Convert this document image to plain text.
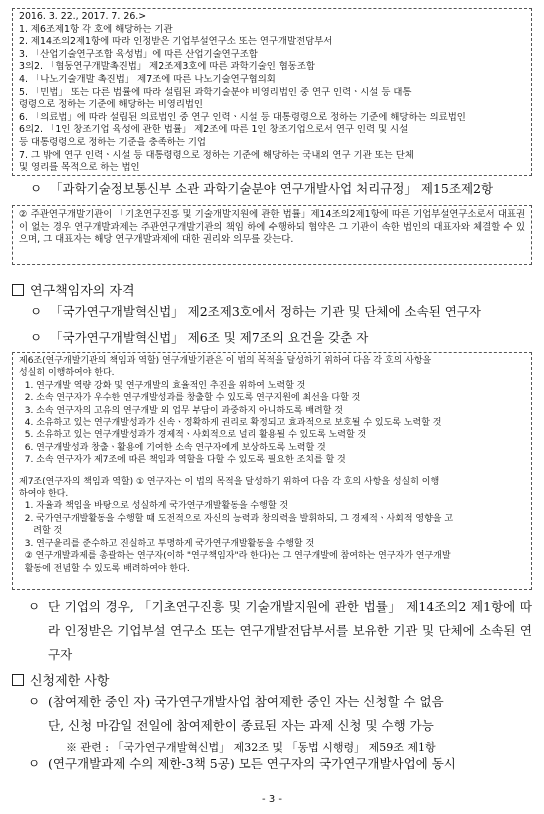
2016. 3. 22., 2017. 7. 26.>
1. 제6조제1항 각 호에 해당하는 기관
2. 제14조의2제1항에 따라 인정받은 기업부설연구소 또는 연구개발전담부서
3. 「산업기술연구조합 육성법」에 따른 산업기술연구조합
3의2. 「협동연구개발촉진법」 제2조제3호에 따른 과학기술인 협동조합
4. 「나노기술개발 촉진법」 제7조에 따른 나노기술연구협의회
5. 「민법」 또는 다른 법률에 따라 설립된 과학기술분야 비영리법인 중 연구 인력ㆍ시설 등 대통
령령으로 정하는 기준에 해당하는 비영리법인
6. 「의료법」에 따라 설립된 의료법인 중 연구 인력ㆍ시설 등 대통령령으로 정하는 기준에 해당하는 의료법인
6의2. 「1인 창조기업 육성에 관한 법률」 제2조에 따른 1인 창조기업으로서 연구 인력 및 시설
등 대통령령으로 정하는 기준을 충족하는 기업
7. 그 밖에 연구 인력ㆍ시설 등 대통령령으로 정하는 기준에 해당하는 국내외 연구 기관 또는 단체
및 영리를 목적으로 하는 법인
ㅇ 「과학기술정보통신부 소관 과학기술분야 연구개발사업 처리규정」 제15조제2항
② 주관연구개발기관이 「기초연구진흥 및 기술개발지원에 관한 법률」제14조의2제1항에 따른 기업부설연구소로서 대표권이 없는 경우 연구개발과제는 주관연구개발기관의 책임 하에 수행하되 협약은 그 기관이 속한 법인의 대표자와 체결할 수 있으며, 그 대표자는 해당 연구개발과제에 대한 권리와 의무를 갖는다.
연구책임자의 자격
ㅇ 「국가연구개발혁신법」 제2조제3호에서 정하는 기관 및 단체에 소속된 연구자
ㅇ 「국가연구개발혁신법」 제6조 및 제7조의 요건을 갖춘 자
제6조(연구개발기관의 책임과 역할) 연구개발기관은 이 법의 목적을 달성하기 위하여 다음 각 호의 사항을
성실히 이행하여야 한다.
1. 연구개발 역량 강화 및 연구개발의 효율적인 추진을 위하여 노력할 것
2. 소속 연구자가 우수한 연구개발성과를 창출할 수 있도록 연구지원에 최선을 다할 것
3. 소속 연구자의 고유의 연구개발 외 업무 부담이 과중하지 아니하도록 배려할 것
4. 소유하고 있는 연구개발성과가 신속ㆍ정확하게 권리로 확정되고 효과적으로 보호될 수 있도록 노력할 것
5. 소유하고 있는 연구개발성과가 경제적ㆍ사회적으로 널리 활용될 수 있도록 노력할 것
6. 연구개발성과 창출ㆍ활용에 기여한 소속 연구자에게 보상하도록 노력할 것
7. 소속 연구자가 제7조에 따른 책임과 역할을 다할 수 있도록 필요한 조치를 할 것
제7조(연구자의 책임과 역할) ① 연구자는 이 법의 목적을 달성하기 위하여 다음 각 호의 사항을 성실히 이행
하여야 한다.
1. 자율과 책임을 바탕으로 성실하게 국가연구개발활동을 수행할 것
2. 국가연구개발활동을 수행할 때 도전적으로 자신의 능력과 창의력을 발휘하되, 그 경제적ㆍ사회적 영향을 고
려할 것
3. 연구윤리를 준수하고 진실하고 투명하게 국가연구개발활동을 수행할 것
② 연구개발과제를 총괄하는 연구자(이하 "연구책임자"라 한다)는 그 연구개발에 참여하는 연구자가 연구개발
활동에 전념할 수 있도록 배려하여야 한다.
ㅇ 단 기업의 경우, 「기초연구진흥 및 기술개발지원에 관한 법률」 제14조의2 제1항에 따라 인정받은 기업부설 연구소 또는 연구개발전담부서를 보유한 기관 및 단체에 소속된 연구자
신청제한 사항
ㅇ (참여제한 중인 자) 국가연구개발사업 참여제한 중인 자는 신청할 수 없음
단, 신청 마감일 전일에 참여제한이 종료된 자는 과제 신청 및 수행 가능
※ 관련 : 「국가연구개발혁신법」 제32조 및 「동법 시행령」 제59조 제1항
ㅇ (연구개발과제 수의 제한-3책 5공) 모든 연구자의 국가연구개발사업에 동시
- 3 -
